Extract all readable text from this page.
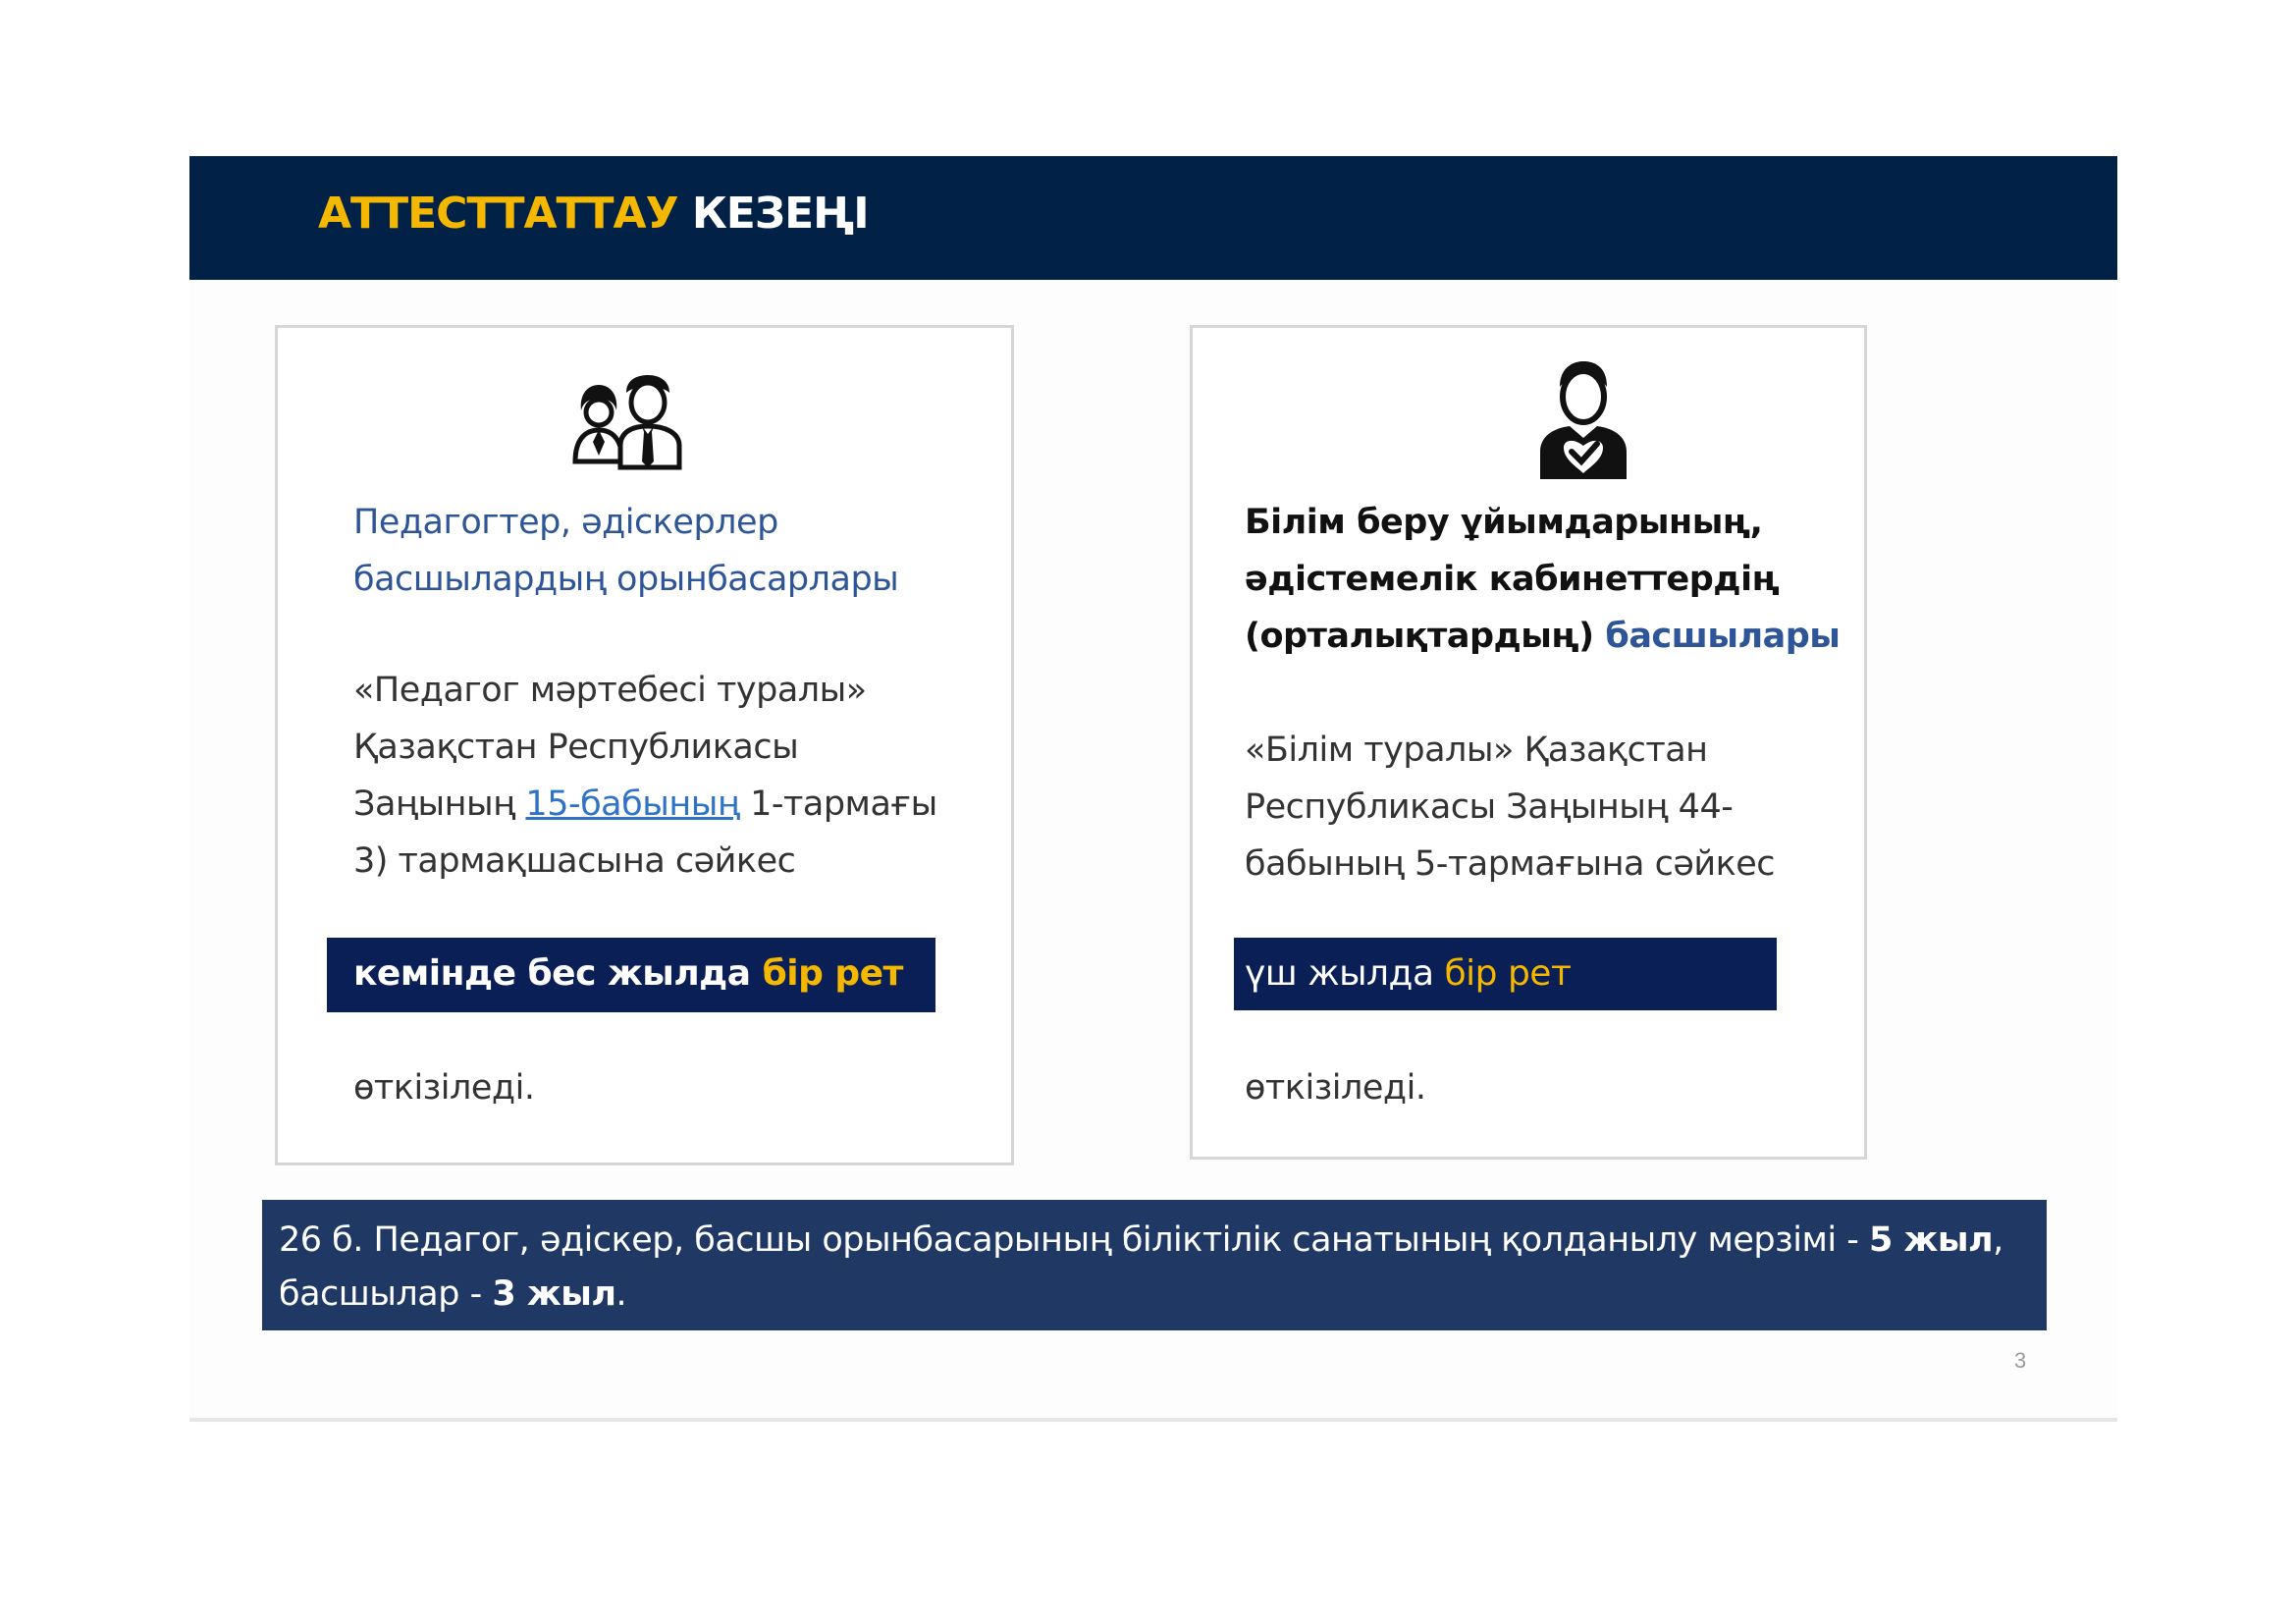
АТТЕСТТАТТАУ КЕЗЕҢІ
Педагогтер, әдіскерлер
басшылардың орынбасарлары
«Педагог мәртебесі туралы»
Қазақстан Республикасы
Заңының 15-бабының 1-тармағы
3) тармақшасына сәйкес
кемінде бес жылда бір рет
өткізіледі.
Білім беру ұйымдарының,
әдістемелік кабинеттердің
(орталықтардың) басшылары
«Білім туралы» Қазақстан
Республикасы Заңының 44-
бабының 5-тармағына сәйкес
үш жылда бір рет
өткізіледі.
26 б. Педагог, әдіскер, басшы орынбасарының біліктілік санатының қолданылу мерзімі - 5 жыл,
басшылар - 3 жыл.
3
